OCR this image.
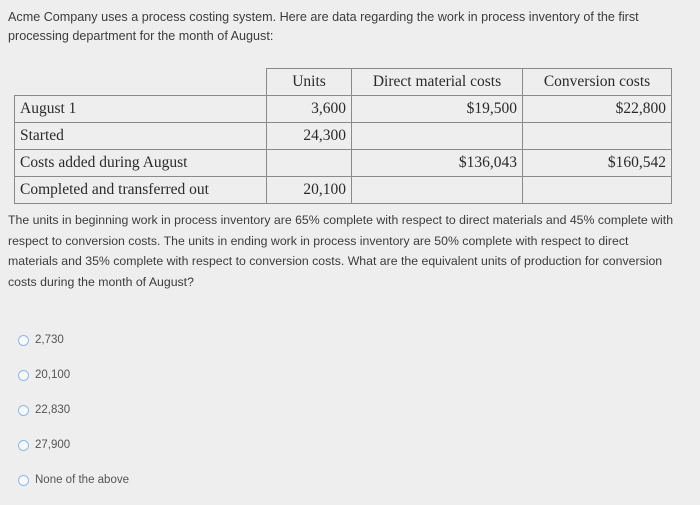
Acme Company uses a process costing system. Here are data regarding the work in process inventory of the first processing department for the month of August:
	Units	Direct material costs	Conversion costs
August 1	3,600	$19,500	$22,800
Started	24,300		
Costs added during August		$136,043	$160,542
Completed and transferred out	20,100		
The units in beginning work in process inventory are 65% complete with respect to direct materials and 45% complete with respect to conversion costs. The units in ending work in process inventory are 50% complete with respect to direct materials and 35% complete with respect to conversion costs. What are the equivalent units of production for conversion costs during the month of August?
2,730
20,100
22,830
27,900
None of the above
